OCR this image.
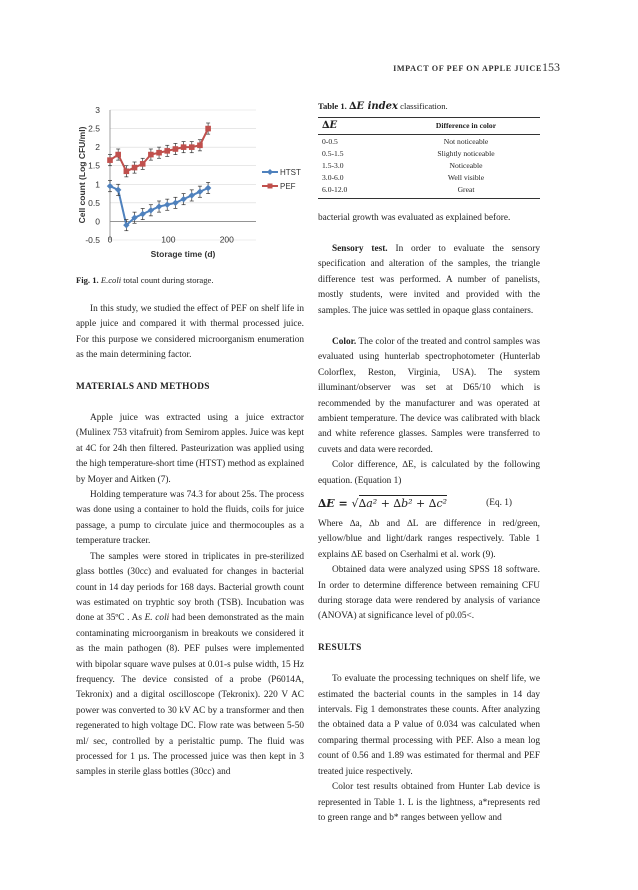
IMPACT OF PEF ON APPLE JUICE 153
-0.5
0
0.5
1
1.5
2
2.5
3
0	100	200
Storage time (d)
Cell count (Log CFU/ml)	HTST
PEF
Fig. 1. E.coli total count during storage.

In this study, we studied the effect of PEF on shelf life in apple juice and compared it with thermal processed juice. For this purpose we considered microorganism enumeration as the main determining factor.

MATERIALS AND METHODS

Apple juice was extracted using a juice extractor (Mulinex 753 vitafruit) from Semirom apples. Juice was kept at 4C for 24h then filtered. Pasteurization was applied using the high temperature-short time (HTST) method as explained by Moyer and Aitken (7).

Holding temperature was 74.3 for about 25s. The process was done using a container to hold the fluids, coils for juice passage, a pump to circulate juice and thermocouples as a temperature tracker.

The samples were stored in triplicates in pre-sterilized glass bottles (30cc) and evaluated for changes in bacterial count in 14 day periods for 168 days. Bacterial growth count was estimated on tryphtic soy broth (TSB). Incubation was done at 35ºC . As E. coli had been demonstrated as the main contaminating microorganism in breakouts we considered it as the main pathogen (8). PEF pulses were implemented with bipolar square wave pulses at 0.01-s pulse width, 15 Hz frequency. The device consisted of a probe (P6014A, Tekronix) and a digital oscilloscope (Tekronix). 220 V AC power was converted to 30 kV AC by a transformer and then regenerated to high voltage DC. Flow rate was between 5-50 ml/ sec, controlled by a peristaltic pump. The fluid was processed for 1 µs. The processed juice was then kept in 3 samples in sterile glass bottles (30cc) and

Table 1. ∆E index classification.
∆E	Difference in color
0-0.5	Not noticeable
0.5-1.5	Slightly noticeable
1.5-3.0	Noticeable
3.0-6.0	Well visible
6.0-12.0	Great

bacterial growth was evaluated as explained before.

Sensory test. In order to evaluate the sensory specification and alteration of the samples, the triangle difference test was performed. A number of panelists, mostly students, were invited and provided with the samples. The juice was settled in opaque glass containers.

Color. The color of the treated and control samples was evaluated using hunterlab spectrophotometer (Hunterlab Colorflex, Reston, Virginia, USA). The system illuminant/observer was set at D65/10 which is recommended by the manufacturer and was operated at ambient temperature. The device was calibrated with black and white reference glasses. Samples were transferred to cuvets and data were recorded.

Color difference, ∆E, is calculated by the following equation. (Equation 1)

∆E = √∆a² + ∆b² + ∆c²	(Eq. 1)

Where ∆a, ∆b and ∆L are difference in red/green, yellow/blue and light/dark ranges respectively. Table 1 explains ∆E based on Cserhalmi et al. work (9).

Obtained data were analyzed using SPSS 18 software. In order to determine difference between remaining CFU during storage data were rendered by analysis of variance (ANOVA) at significance level of p0.05<.

RESULTS

To evaluate the processing techniques on shelf life, we estimated the bacterial counts in the samples in 14 day intervals. Fig 1 demonstrates these counts. After analyzing the obtained data a P value of 0.034 was calculated when comparing thermal processing with PEF. Also a mean log count of 0.56 and 1.89 was estimated for thermal and PEF treated juice respectively.

Color test results obtained from Hunter Lab device is represented in Table 1. L is the lightness, a*represents red to green range and b* ranges between yellow and
